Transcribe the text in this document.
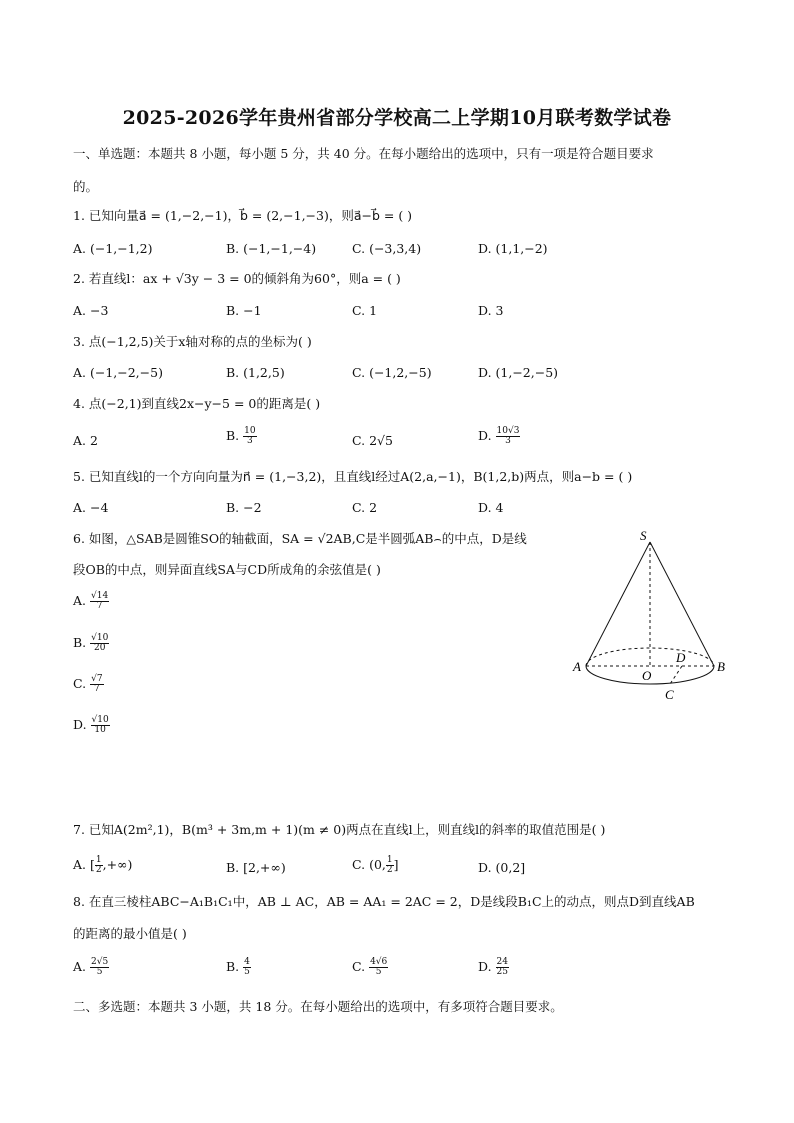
2025-2026学年贵州省部分学校高二上学期10月联考数学试卷
一、单选题：本题共 8 小题，每小题 5 分，共 40 分。在每小题给出的选项中，只有一项是符合题目要求
的。
1. 已知向量a⃗ = (1,−2,−1)，b⃗ = (2,−1,−3)，则a⃗−b⃗ = ( )
A. (−1,−1,2)	B. (−1,−1,−4)	C. (−3,3,4)	D. (1,1,−2)
2. 若直线l：ax + √3y − 3 = 0的倾斜角为60°，则a = ( )
A. −3	B. −1	C. 1	D. 3
3. 点(−1,2,5)关于x轴对称的点的坐标为( )
A. (−1,−2,−5)	B. (1,2,5)	C. (−1,2,−5)	D. (1,−2,−5)
4. 点(−2,1)到直线2x−y−5 = 0的距离是( )
A. 2	B. $\frac{10}{3}$	C. 2√5	D. $\frac{10√3}{3}$
5. 已知直线l的一个方向向量为n⃗ = (1,−3,2)，且直线l经过A(2,a,−1)，B(1,2,b)两点，则a−b = ( )
A. −4	B. −2	C. 2	D. 4
6. 如图，△SAB是圆锥SO的轴截面，SA = √2AB,C是半圆弧AB⌢的中点，D是线
段OB的中点，则异面直线SA与CD所成角的余弦值是( )
A. $\frac{√14}{7}$
B. $\frac{√10}{20}$
C. $\frac{√7}{7}$
D. $\frac{√10}{10}$
S
A	B
O
D
C
7. 已知A(2m²,1)，B(m³ + 3m,m + 1)(m ≠ 0)两点在直线l上，则直线l的斜率的取值范围是( )
A. [ $\frac{1}{2}$ ,+∞)	B. [2,+∞)	C. (0, $\frac{1}{2}$ ]	D. (0,2]
8. 在直三棱柱ABC−A₁B₁C₁中，AB ⊥ AC，AB = AA₁ = 2AC = 2，D是线段B₁C上的动点，则点D到直线AB
的距离的最小值是( )
A. $\frac{2√5}{5}$	B. $\frac{4}{5}$	C. $\frac{4√6}{5}$	D. $\frac{24}{25}$
二、多选题：本题共 3 小题，共 18 分。在每小题给出的选项中，有多项符合题目要求。
